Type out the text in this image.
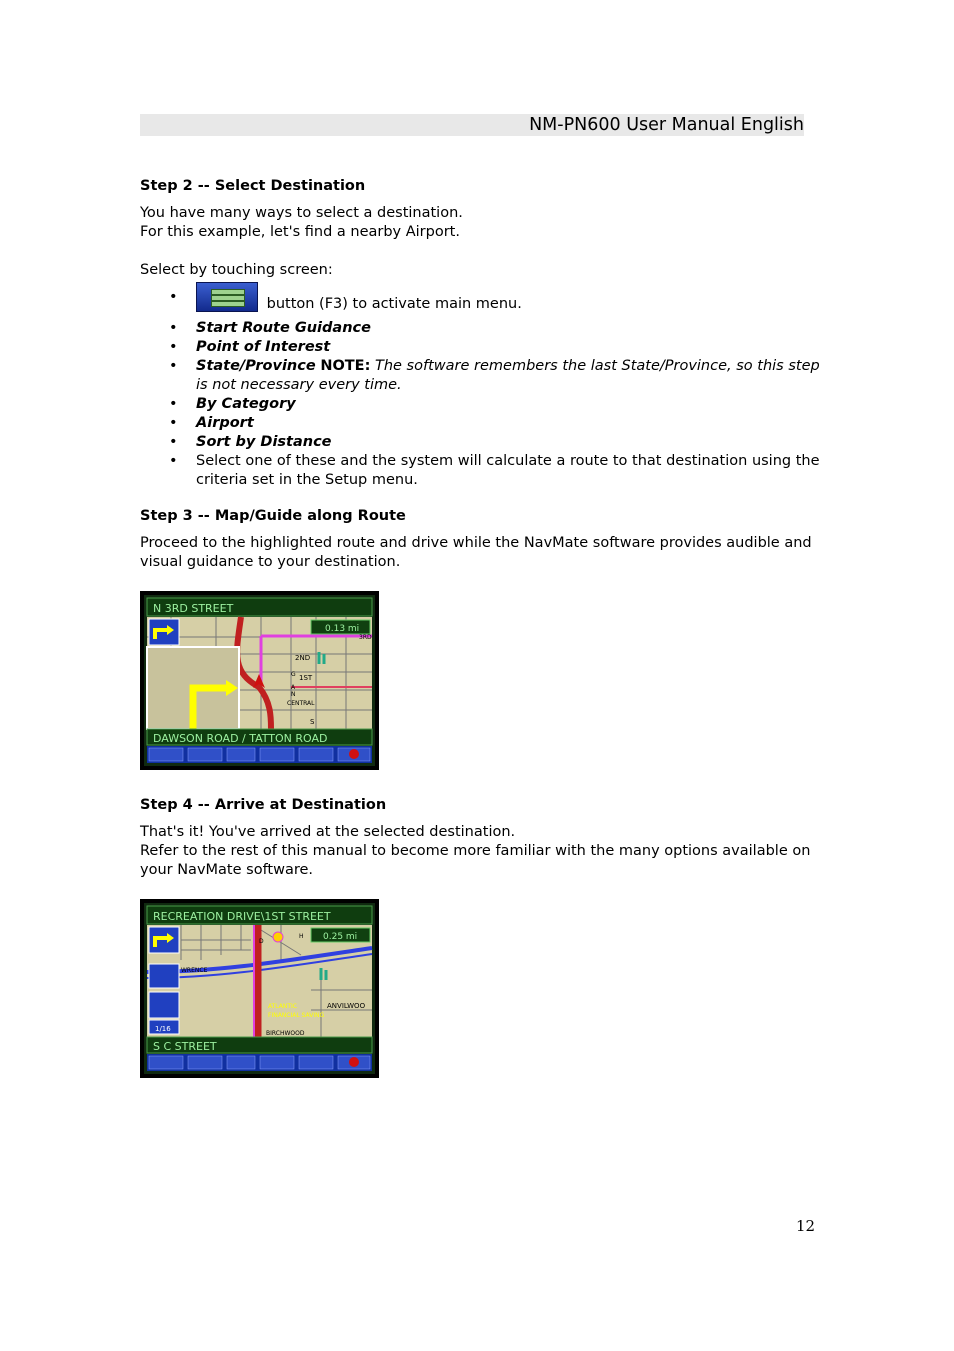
NM-PN600 User Manual English
Step 2 -- Select Destination
You have many ways to select a destination.
For this example, let's find a nearby Airport.
Select by touching screen:
• button (F3) to activate main menu.
• Start Route Guidance
• Point of Interest
• State/Province NOTE: The software remembers the last State/Province, so this step is not necessary every time.
• By Category
• Airport
• Sort by Distance
• Select one of these and the system will calculate a route to that destination using the criteria set in the Setup menu.
Step 3 -- Map/Guide along Route
Proceed to the highlighted route and drive while the NavMate software provides audible and visual guidance to your destination.
N 3RD STREET
0.13 mi
2ND
1ST
CENTRAL
3RD
S
G
A
N
DAWSON ROAD / TATTON ROAD
Step 4 -- Arrive at Destination
That's it! You've arrived at the selected destination.
Refer to the rest of this manual to become more familiar with the many options available on your NavMate software.
RECREATION DRIVE\1ST STREET
0.25 mi
1/16
WRENCE
ANVILWOO
ATLANTIC
FINANCIAL SAVING
BIRCHWOOD
D
H
S C STREET
12
